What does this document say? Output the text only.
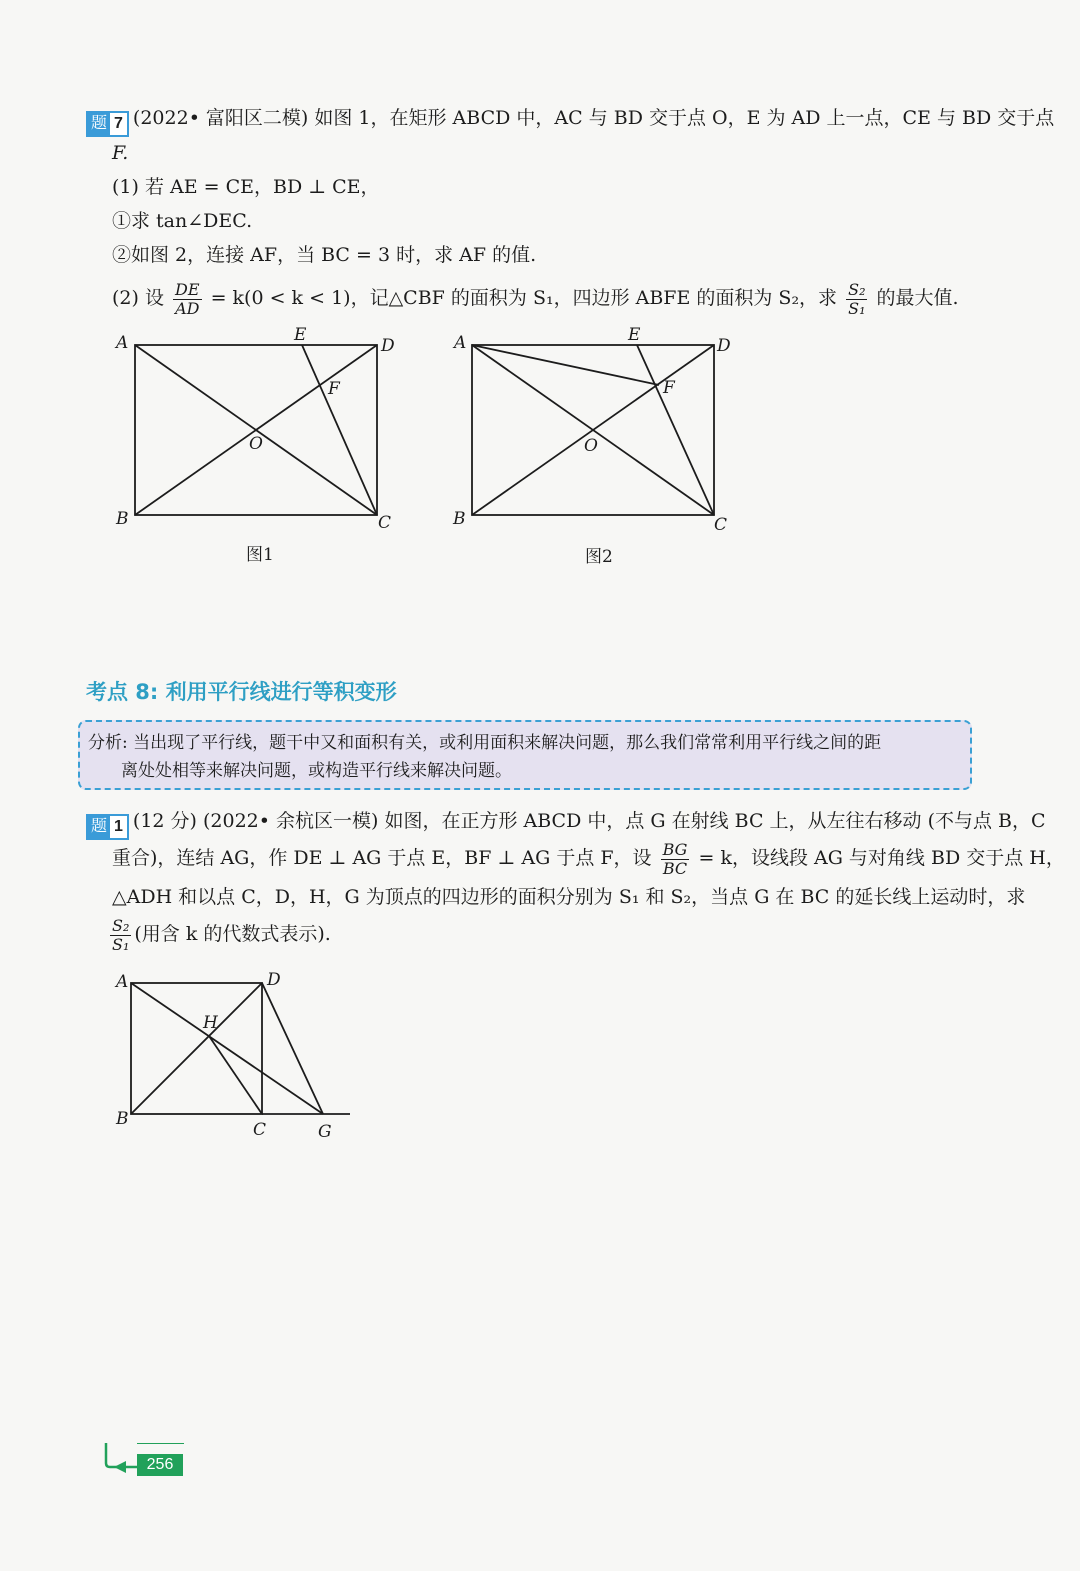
题 7 (2022• 富阳区二模) 如图 1，在矩形 ABCD 中，AC 与 BD 交于点 O，E 为 AD 上一点，CE 与 BD 交于点
F.
(1) 若 AE = CE，BD ⊥ CE，
①求 tan∠DEC.
②如图 2，连接 AF，当 BC = 3 时，求 AF 的值.
(2) 设 $\frac{DE}{AD} = k(0 < k < 1)$，记△CBF 的面积为 S₁，四边形 ABFE 的面积为 S₂，求 $\frac{\text{S₂}}{\text{S₁}}$ 的最大值.
A	D
E
F
O
B	C
图1
A	D
E
F
O
B	C
图2
考点 8: 利用平行线进行等积变形
分析: 当出现了平行线，题干中又和面积有关，或利用面积来解决问题，那么我们常常利用平行线之间的距
离处处相等来解决问题，或构造平行线来解决问题。
题 1 (12 分) (2022• 余杭区一模) 如图，在正方形 ABCD 中，点 G 在射线 BC 上，从左往右移动 (不与点 B，C
重合)，连结 AG，作 DE ⊥ AG 于点 E，BF ⊥ AG 于点 F，设 $\frac{BG}{BC} = k$，设线段 AG 与对角线 BD 交于点 H，
△ADH 和以点 C，D，H，G 为顶点的四边形的面积分别为 S₁ 和 S₂，当点 G 在 BC 的延长线上运动时，求
$\frac{\text{S₂}}{\text{S₁}}$ (用含 k 的代数式表示).
A	D
H
B
C	G
256
